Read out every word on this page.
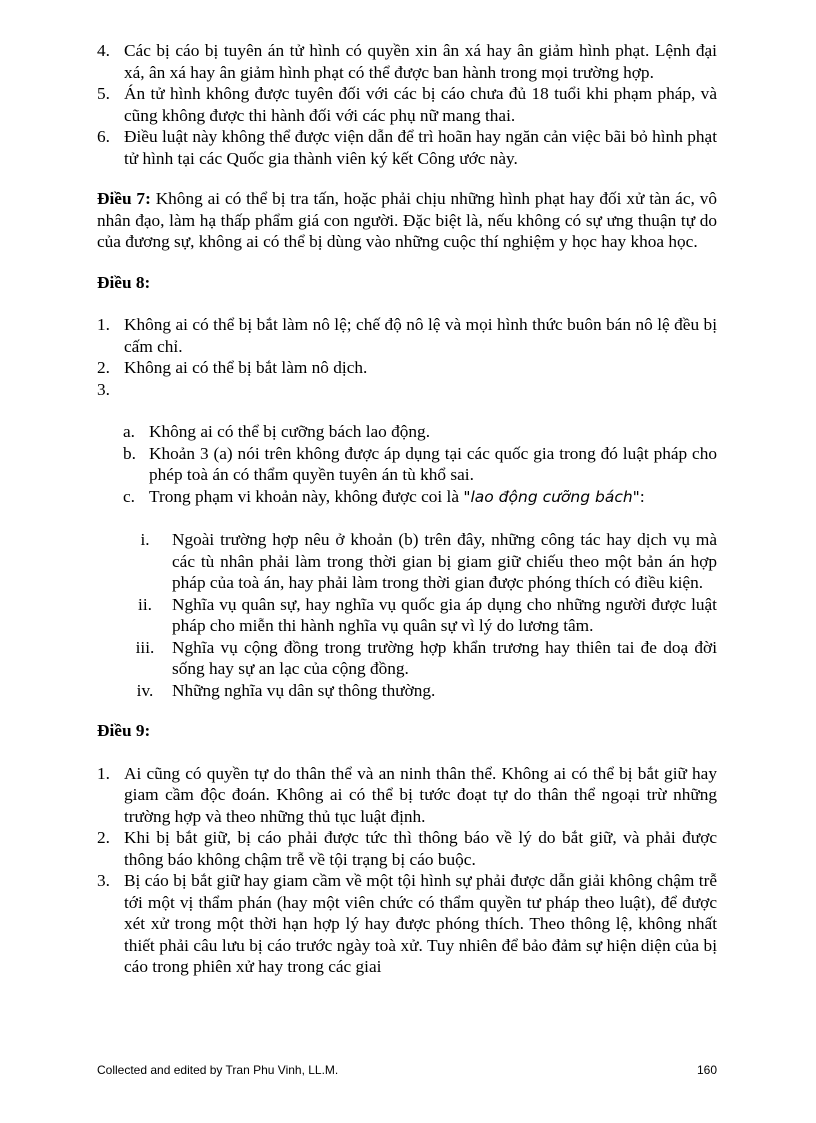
4. Các bị cáo bị tuyên án tử hình có quyền xin ân xá hay ân giảm hình phạt. Lệnh đại xá, ân xá hay ân giảm hình phạt có thể được ban hành trong mọi trường hợp.
5. Án tử hình không được tuyên đối với các bị cáo chưa đủ 18 tuổi khi phạm pháp, và cũng không được thi hành đối với các phụ nữ mang thai.
6. Điều luật này không thể được viện dẫn để trì hoãn hay ngăn cản việc bãi bỏ hình phạt tử hình tại các Quốc gia thành viên ký kết Công ước này.
Điều 7: Không ai có thể bị tra tấn, hoặc phải chịu những hình phạt hay đối xử tàn ác, vô nhân đạo, làm hạ thấp phẩm giá con người. Đặc biệt là, nếu không có sự ưng thuận tự do của đương sự, không ai có thể bị dùng vào những cuộc thí nghiệm y học hay khoa học.
Điều 8:
1. Không ai có thể bị bắt làm nô lệ; chế độ nô lệ và mọi hình thức buôn bán nô lệ đều bị cấm chỉ.
2. Không ai có thể bị bắt làm nô dịch.
3.

a. Không ai có thể bị cưỡng bách lao động.
b. Khoản 3 (a) nói trên không được áp dụng tại các quốc gia trong đó luật pháp cho phép toà án có thẩm quyền tuyên án tù khổ sai.
c. Trong phạm vi khoản này, không được coi là "lao động cưỡng bách":
i.	Ngoài trường hợp nêu ở khoản (b) trên đây, những công tác hay dịch vụ mà các tù nhân phải làm trong thời gian bị giam giữ chiếu theo một bản án hợp pháp của toà án, hay phải làm trong thời gian được phóng thích có điều kiện.
ii.	Nghĩa vụ quân sự, hay nghĩa vụ quốc gia áp dụng cho những người được luật pháp cho miễn thi hành nghĩa vụ quân sự vì lý do lương tâm.
iii.	Nghĩa vụ cộng đồng trong trường hợp khẩn trương hay thiên tai đe doạ đời sống hay sự an lạc của cộng đồng.
iv.	Những nghĩa vụ dân sự thông thường.
Điều 9:
1. Ai cũng có quyền tự do thân thể và an ninh thân thể. Không ai có thể bị bắt giữ hay giam cầm độc đoán. Không ai có thể bị tước đoạt tự do thân thể ngoại trừ những trường hợp và theo những thủ tục luật định.
2. Khi bị bắt giữ, bị cáo phải được tức thì thông báo về lý do bắt giữ, và phải được thông báo không chậm trễ về tội trạng bị cáo buộc.
3. Bị cáo bị bắt giữ hay giam cầm về một tội hình sự phải được dẫn giải không chậm trễ tới một vị thẩm phán (hay một viên chức có thẩm quyền tư pháp theo luật), để được xét xử trong một thời hạn hợp lý hay được phóng thích. Theo thông lệ, không nhất thiết phải câu lưu bị cáo trước ngày toà xử. Tuy nhiên để bảo đảm sự hiện diện của bị cáo trong phiên xử hay trong các giai
Collected and edited by Tran Phu Vinh, LL.M.	160
